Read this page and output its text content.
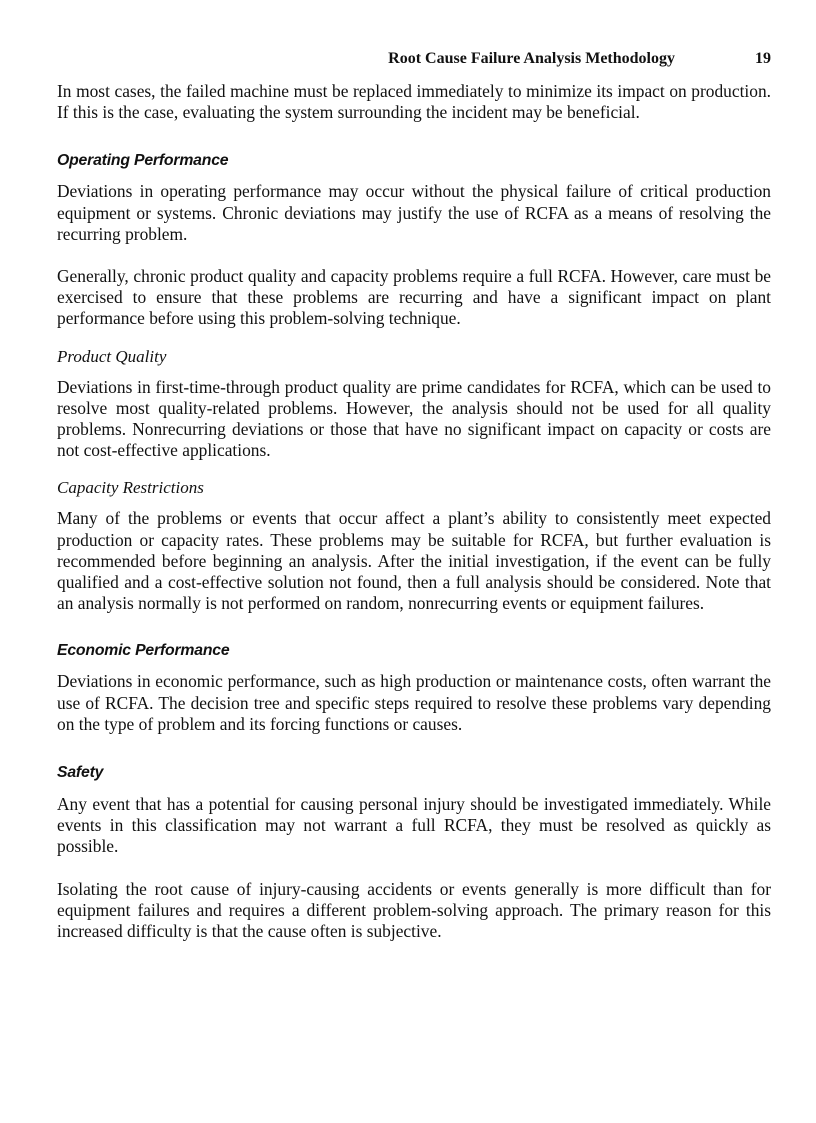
Root Cause Failure Analysis Methodology	19

In most cases, the failed machine must be replaced immediately to minimize its impact on production. If this is the case, evaluating the system surrounding the incident may be beneficial.

Operating Performance

Deviations in operating performance may occur without the physical failure of critical production equipment or systems. Chronic deviations may justify the use of RCFA as a means of resolving the recurring problem.

Generally, chronic product quality and capacity problems require a full RCFA. However, care must be exercised to ensure that these problems are recurring and have a significant impact on plant performance before using this problem-solving technique.

Product Quality

Deviations in first-time-through product quality are prime candidates for RCFA, which can be used to resolve most quality-related problems. However, the analysis should not be used for all quality problems. Nonrecurring deviations or those that have no significant impact on capacity or costs are not cost-effective applications.

Capacity Restrictions

Many of the problems or events that occur affect a plant’s ability to consistently meet expected production or capacity rates. These problems may be suitable for RCFA, but further evaluation is recommended before beginning an analysis. After the initial investigation, if the event can be fully qualified and a cost-effective solution not found, then a full analysis should be considered. Note that an analysis normally is not performed on random, nonrecurring events or equipment failures.

Economic Performance

Deviations in economic performance, such as high production or maintenance costs, often warrant the use of RCFA. The decision tree and specific steps required to resolve these problems vary depending on the type of problem and its forcing functions or causes.

Safety

Any event that has a potential for causing personal injury should be investigated immediately. While events in this classification may not warrant a full RCFA, they must be resolved as quickly as possible.

Isolating the root cause of injury-causing accidents or events generally is more difficult than for equipment failures and requires a different problem-solving approach. The primary reason for this increased difficulty is that the cause often is subjective.
